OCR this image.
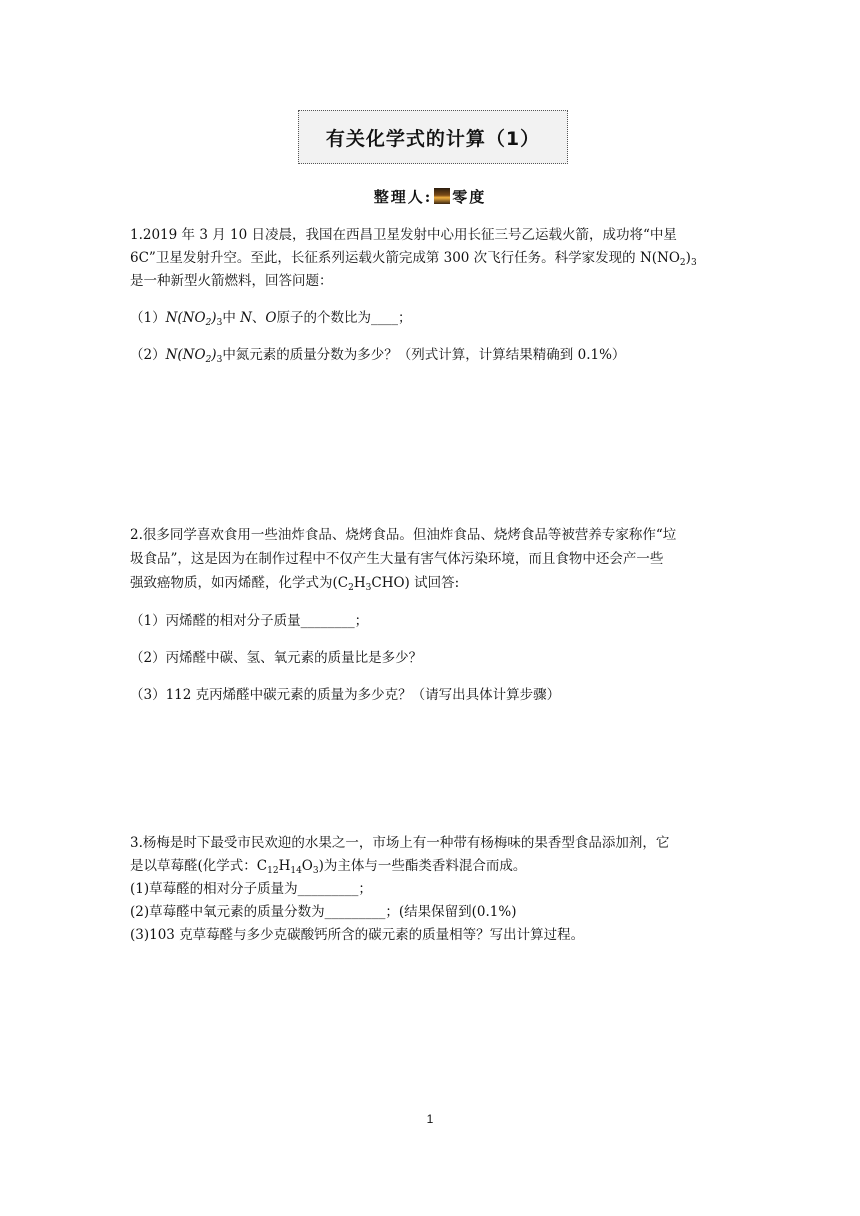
有关化学式的计算（1）
整理人: 零度
1.2019 年 3 月 10 日凌晨，我国在西昌卫星发射中心用长征三号乙运载火箭，成功将“中星
6C”卫星发射升空。至此，长征系列运载火箭完成第 300 次飞行任务。科学家发现的 $N(NO_2)_3$
是一种新型火箭燃料，回答问题：
$(1)N(NO_2)_3$中 N、O原子的个数比为____；
$(2)N(NO_2)_3$中氮元素的质量分数为多少？（列式计算，计算结果精确到 0.1%）
2.很多同学喜欢食用一些油炸食品、烧烤食品。但油炸食品、烧烤食品等被营养专家称作“垃
圾食品”，这是因为在制作过程中不仅产生大量有害气体污染环境，而且食物中还会产一些
强致癌物质，如丙烯醛，化学式为$(C_2H_3CHO)$ 试回答:
（1）丙烯醛的相对分子质量________；
（2）丙烯醛中碳、氢、氧元素的质量比是多少？
（3）112 克丙烯醛中碳元素的质量为多少克？（请写出具体计算步骤）
3.杨梅是时下最受市民欢迎的水果之一，市场上有一种带有杨梅味的果香型食品添加剂，它
是以草莓醛(化学式：$C_{12}H_{14}O_3$)为主体与一些酯类香料混合而成。
(1)草莓醛的相对分子质量为_________；
(2)草莓醛中氧元素的质量分数为_________；(结果保留到(0.1%)
(3)103 克草莓醛与多少克碳酸钙所含的碳元素的质量相等？写出计算过程。
1
